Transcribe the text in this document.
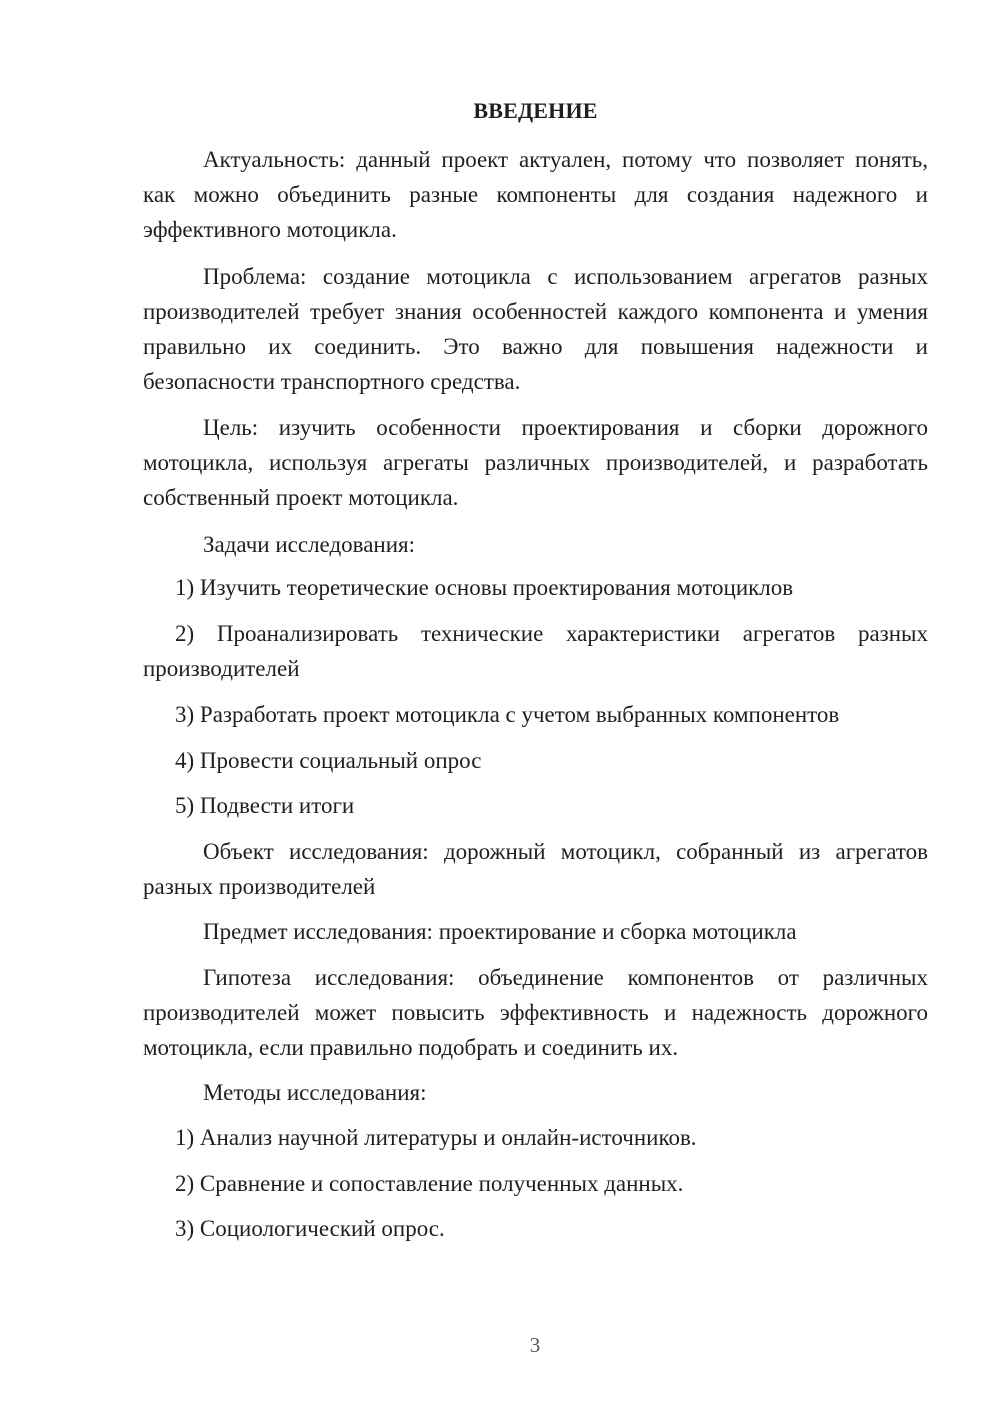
ВВЕДЕНИЕ
Актуальность: данный проект актуален, потому что позволяет понять, как можно объединить разные компоненты для создания надежного и эффективного мотоцикла.
Проблема: создание мотоцикла с использованием агрегатов разных производителей требует знания особенностей каждого компонента и умения правильно их соединить. Это важно для повышения надежности и безопасности транспортного средства.
Цель: изучить особенности проектирования и сборки дорожного мотоцикла, используя агрегаты различных производителей, и разработать собственный проект мотоцикла.
Задачи исследования:
1) Изучить теоретические основы проектирования мотоциклов
2) Проанализировать технические характеристики агрегатов разных производителей
3) Разработать проект мотоцикла с учетом выбранных компонентов
4) Провести социальный опрос
5) Подвести итоги
Объект исследования: дорожный мотоцикл, собранный из агрегатов разных производителей
Предмет исследования: проектирование и сборка мотоцикла
Гипотеза исследования: объединение компонентов от различных производителей может повысить эффективность и надежность дорожного мотоцикла, если правильно подобрать и соединить их.
Методы исследования:
1) Анализ научной литературы и онлайн-источников.
2) Сравнение и сопоставление полученных данных.
3) Социологический опрос.
3
